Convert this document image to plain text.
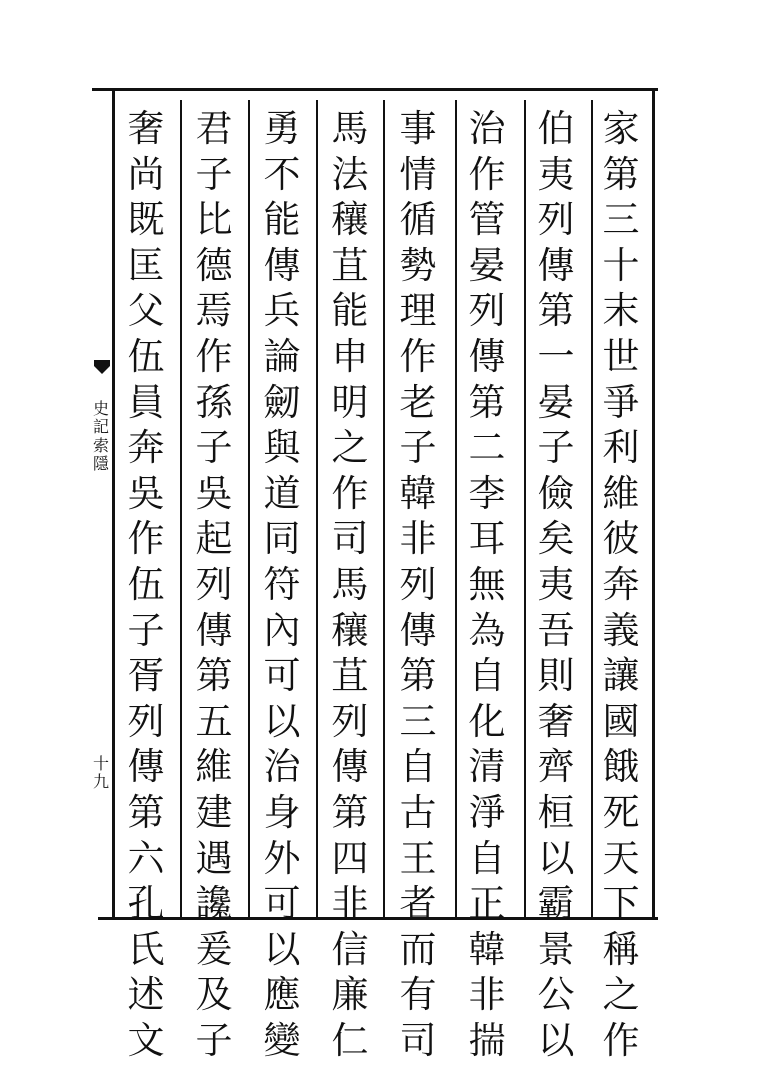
家
第
三
十
末
世
爭
利
維
彼
奔
義
讓
國
餓
死
天
下
稱
之
作
伯
夷
列
傳
第
一
晏
子
儉
矣
夷
吾
則
奢
齊
桓
以
霸
景
公
以
治
作
管
晏
列
傳
第
二
李
耳
無
為
自
化
清
淨
自
正
韓
非
揣
事
情
循
勢
理
作
老
子
韓
非
列
傳
第
三
自
古
王
者
而
有
司
馬
法
穰
苴
能
申
明
之
作
司
馬
穰
苴
列
傳
第
四
非
信
廉
仁
勇
不
能
傳
兵
論
劒
與
道
同
符
內
可
以
治
身
外
可
以
應
變
君
子
比
德
焉
作
孫
子
吳
起
列
傳
第
五
維
建
遇
讒
爰
及
子
奢
尚
既
匡
父
伍
員
奔
吳
作
伍
子
胥
列
傳
第
六
孔
氏
述
文
史
記
索
隱
十
九
